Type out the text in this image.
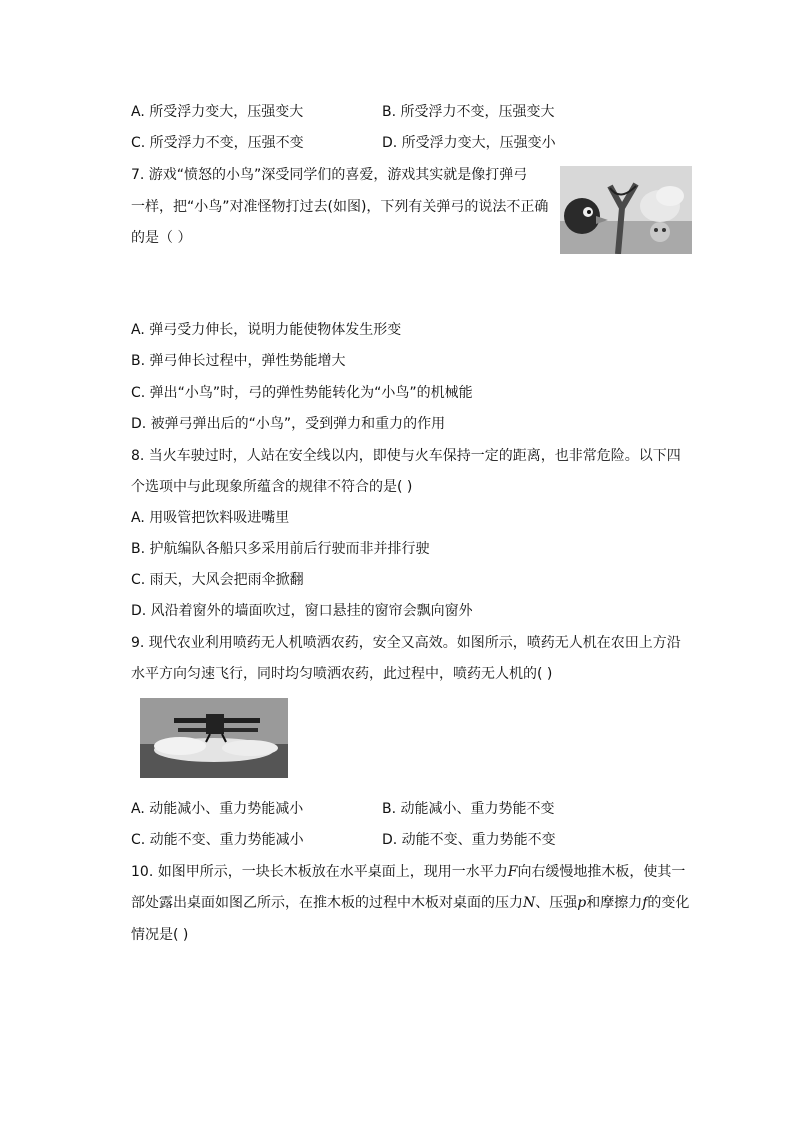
A. 所受浮力变大，压强变大	B. 所受浮力不变，压强变大
C. 所受浮力不变，压强不变	D. 所受浮力变大，压强变小
7. 游戏“愤怒的小鸟”深受同学们的喜爱，游戏其实就是像打弹弓
一样，把“小鸟”对准怪物打过去(如图)，下列有关弹弓的说法不正确
的是（ ）
A. 弹弓受力伸长，说明力能使物体发生形变
B. 弹弓伸长过程中，弹性势能增大
C. 弹出“小鸟”时，弓的弹性势能转化为“小鸟”的机械能
D. 被弹弓弹出后的“小鸟”，受到弹力和重力的作用
8. 当火车驶过时，人站在安全线以内，即使与火车保持一定的距离，也非常危险。以下四
个选项中与此现象所蕴含的规律不符合的是( )
A. 用吸管把饮料吸进嘴里
B. 护航编队各船只多采用前后行驶而非并排行驶
C. 雨天，大风会把雨伞掀翻
D. 风沿着窗外的墙面吹过，窗口悬挂的窗帘会飘向窗外
9. 现代农业利用喷药无人机喷洒农药，安全又高效。如图所示，喷药无人机在农田上方沿
水平方向匀速飞行，同时均匀喷洒农药，此过程中，喷药无人机的( )
A. 动能减小、重力势能减小	B. 动能减小、重力势能不变
C. 动能不变、重力势能减小	D. 动能不变、重力势能不变
10. 如图甲所示，一块长木板放在水平桌面上，现用一水平力F向右缓慢地推木板，使其一
部处露出桌面如图乙所示，在推木板的过程中木板对桌面的压力N、压强p和摩擦力f的变化
情况是( )
